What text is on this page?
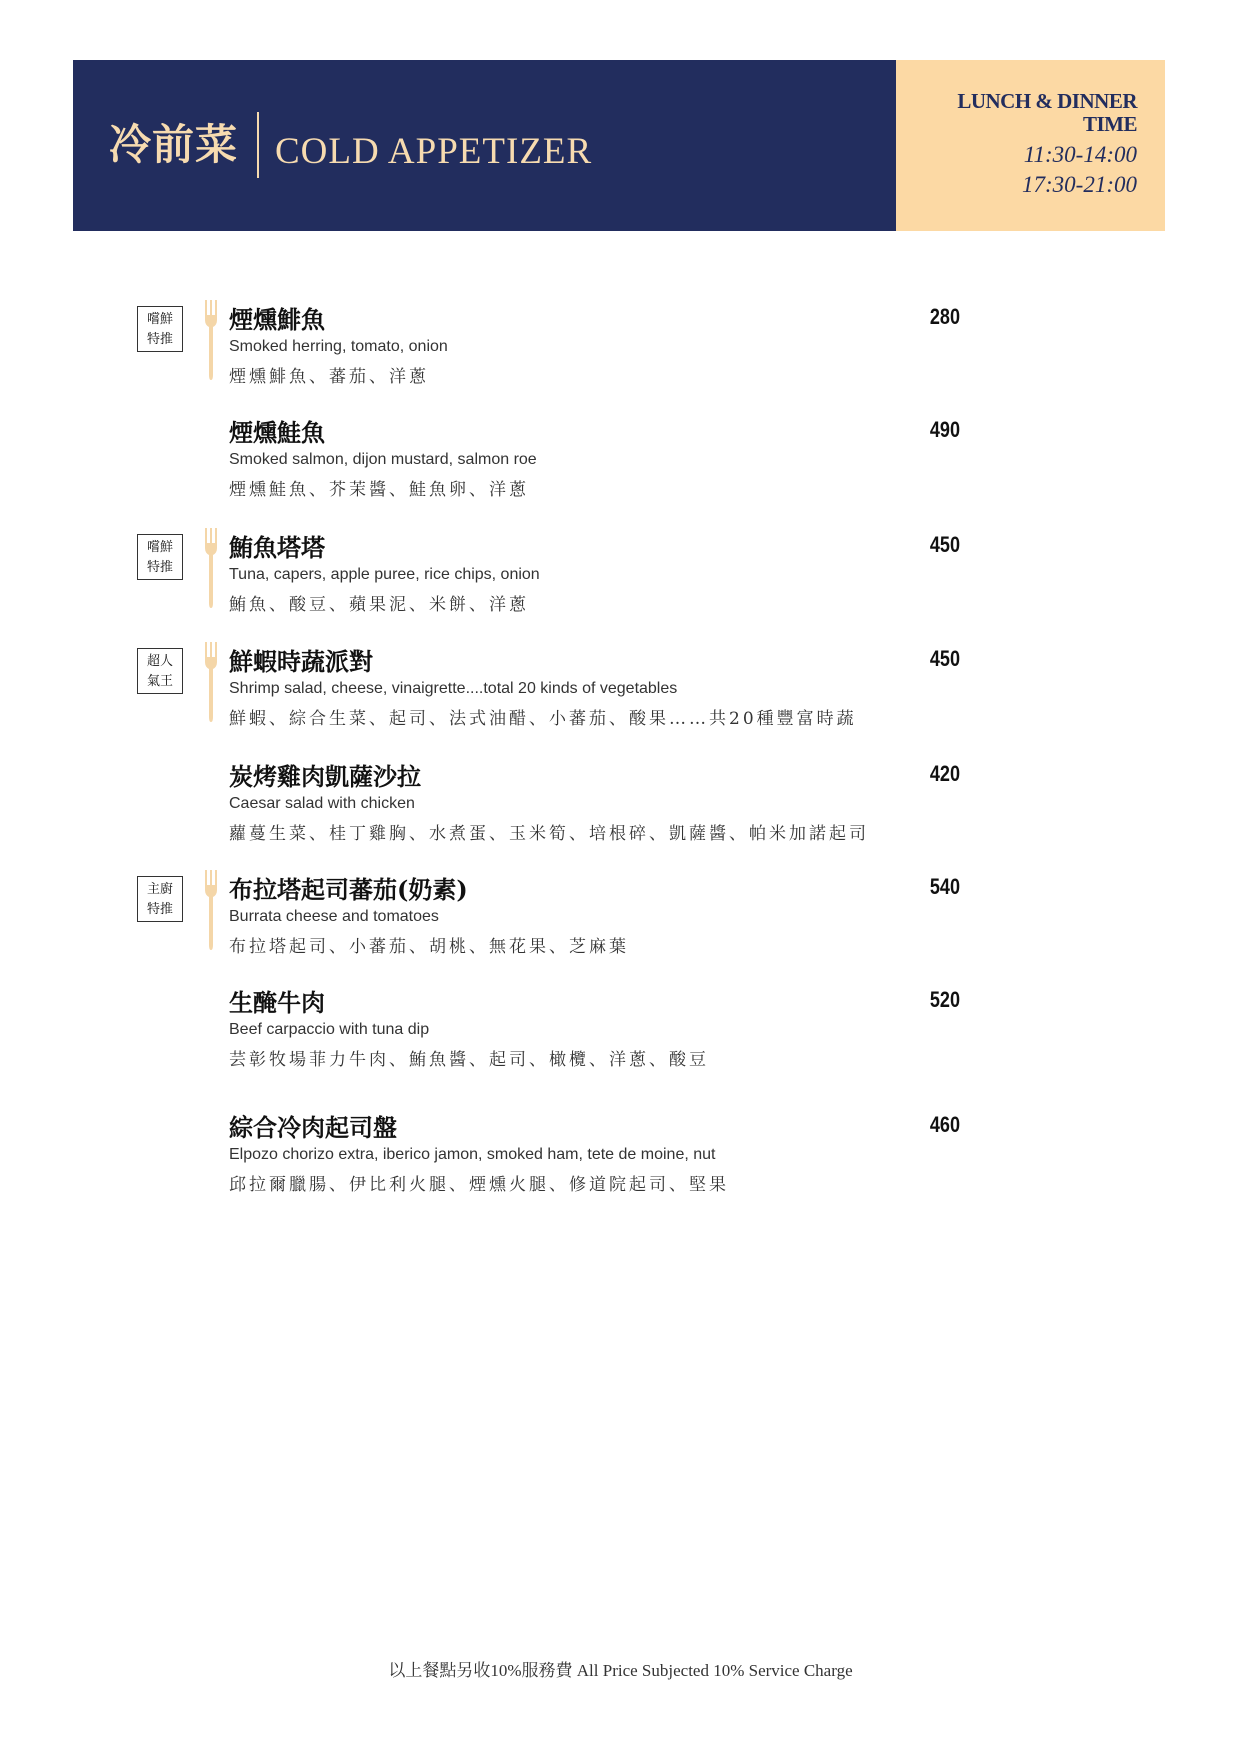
冷前菜 COLD APPETIZER
LUNCH & DINNER TIME
11:30-14:00
17:30-21:00
嚐鮮
特推
煙燻鯡魚
Smoked herring, tomato, onion
煙燻鯡魚、蕃茄、洋蔥
280
煙燻鮭魚
Smoked salmon, dijon mustard, salmon roe
煙燻鮭魚、芥茉醬、鮭魚卵、洋蔥
490
嚐鮮
特推
鮪魚塔塔
Tuna, capers, apple puree, rice chips, onion
鮪魚、酸豆、蘋果泥、米餅、洋蔥
450
超人
氣王
鮮蝦時蔬派對
Shrimp salad, cheese, vinaigrette....total 20 kinds of vegetables
鮮蝦、綜合生菜、起司、法式油醋、小蕃茄、酸果……共20種豐富時蔬
450
炭烤雞肉凱薩沙拉
Caesar salad with chicken
蘿蔓生菜、桂丁雞胸、水煮蛋、玉米筍、培根碎、凱薩醬、帕米加諾起司
420
主廚
特推
布拉塔起司蕃茄(奶素)
Burrata cheese and tomatoes
布拉塔起司、小蕃茄、胡桃、無花果、芝麻葉
540
生醃牛肉
Beef carpaccio with tuna dip
芸彰牧場菲力牛肉、鮪魚醬、起司、橄欖、洋蔥、酸豆
520
綜合冷肉起司盤
Elpozo chorizo extra, iberico jamon, smoked ham, tete de moine, nut
邱拉爾臘腸、伊比利火腿、煙燻火腿、修道院起司、堅果
460
以上餐點另收10%服務費 All Price Subjected 10% Service Charge
